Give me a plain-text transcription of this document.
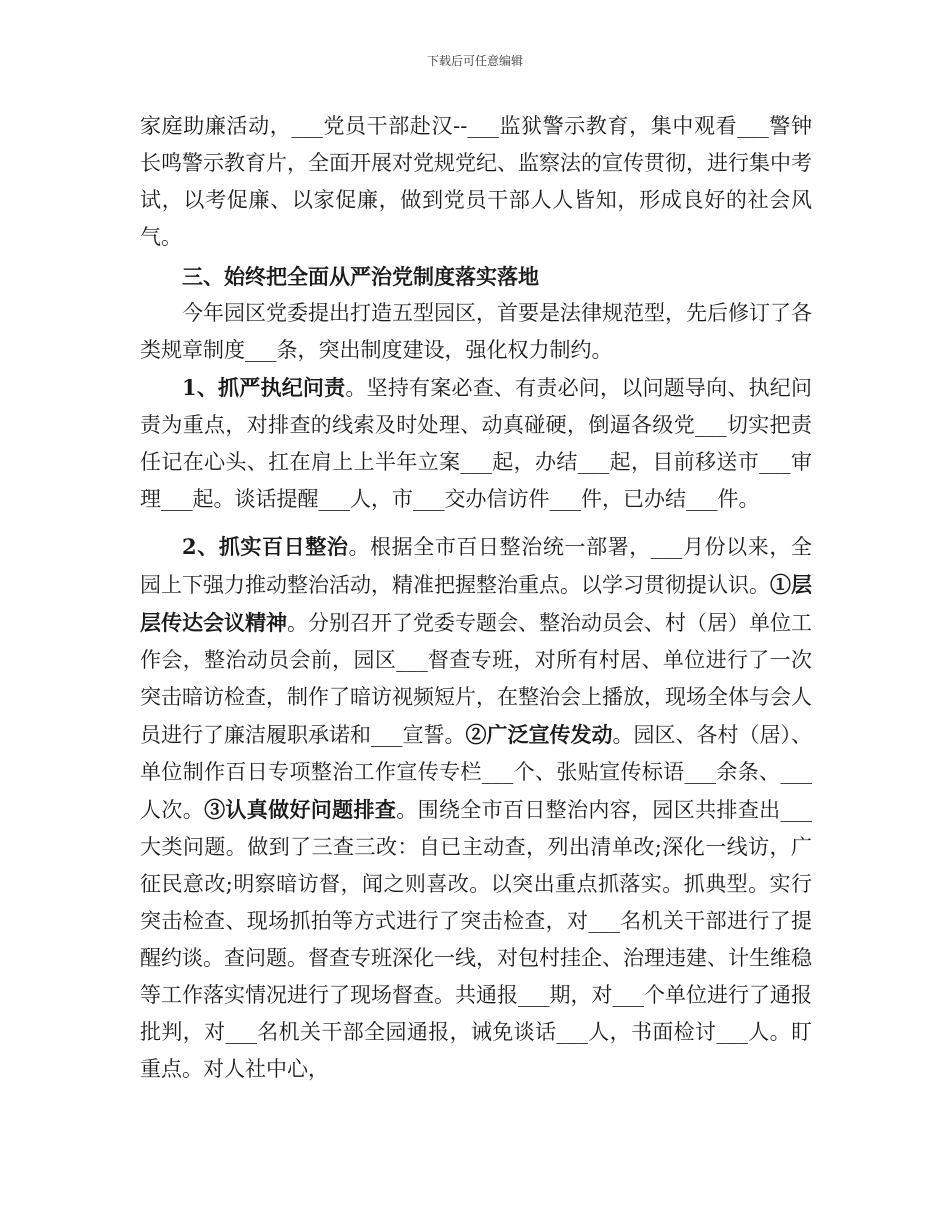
下载后可任意编辑

家庭助廉活动，___党员干部赴汉--___监狱警示教育，集中观看___警钟长鸣警示教育片，全面开展对党规党纪、监察法的宣传贯彻，进行集中考试，以考促廉、以家促廉，做到党员干部人人皆知，形成良好的社会风气。

三、始终把全面从严治党制度落实落地

今年园区党委提出打造五型园区，首要是法律规范型，先后修订了各类规章制度___条，突出制度建设，强化权力制约。

1、抓严执纪问责。坚持有案必查、有责必问，以问题导向、执纪问责为重点，对排查的线索及时处理、动真碰硬，倒逼各级党___切实把责任记在心头、扛在肩上上半年立案___起，办结___起，目前移送市___审理___起。谈话提醒___人，市___交办信访件___件，已办结___件。

2、抓实百日整治。根据全市百日整治统一部署，___月份以来，全园上下强力推动整治活动，精准把握整治重点。以学习贯彻提认识。①层层传达会议精神。分别召开了党委专题会、整治动员会、村（居）单位工作会，整治动员会前，园区___督查专班，对所有村居、单位进行了一次突击暗访检查，制作了暗访视频短片，在整治会上播放，现场全体与会人员进行了廉洁履职承诺和___宣誓。②广泛宣传发动。园区、各村（居）、单位制作百日专项整治工作宣传专栏___个、张贴宣传标语___余条、___人次。③认真做好问题排查。围绕全市百日整治内容，园区共排查出___大类问题。做到了三查三改：自已主动查，列出清单改;深化一线访，广征民意改;明察暗访督，闻之则喜改。以突出重点抓落实。抓典型。实行突击检查、现场抓拍等方式进行了突击检查，对___名机关干部进行了提醒约谈。查问题。督查专班深化一线，对包村挂企、治理违建、计生维稳等工作落实情况进行了现场督查。共通报___期，对___个单位进行了通报批判，对___名机关干部全园通报，诫免谈话___人，书面检讨___人。盯重点。对人社中心，
